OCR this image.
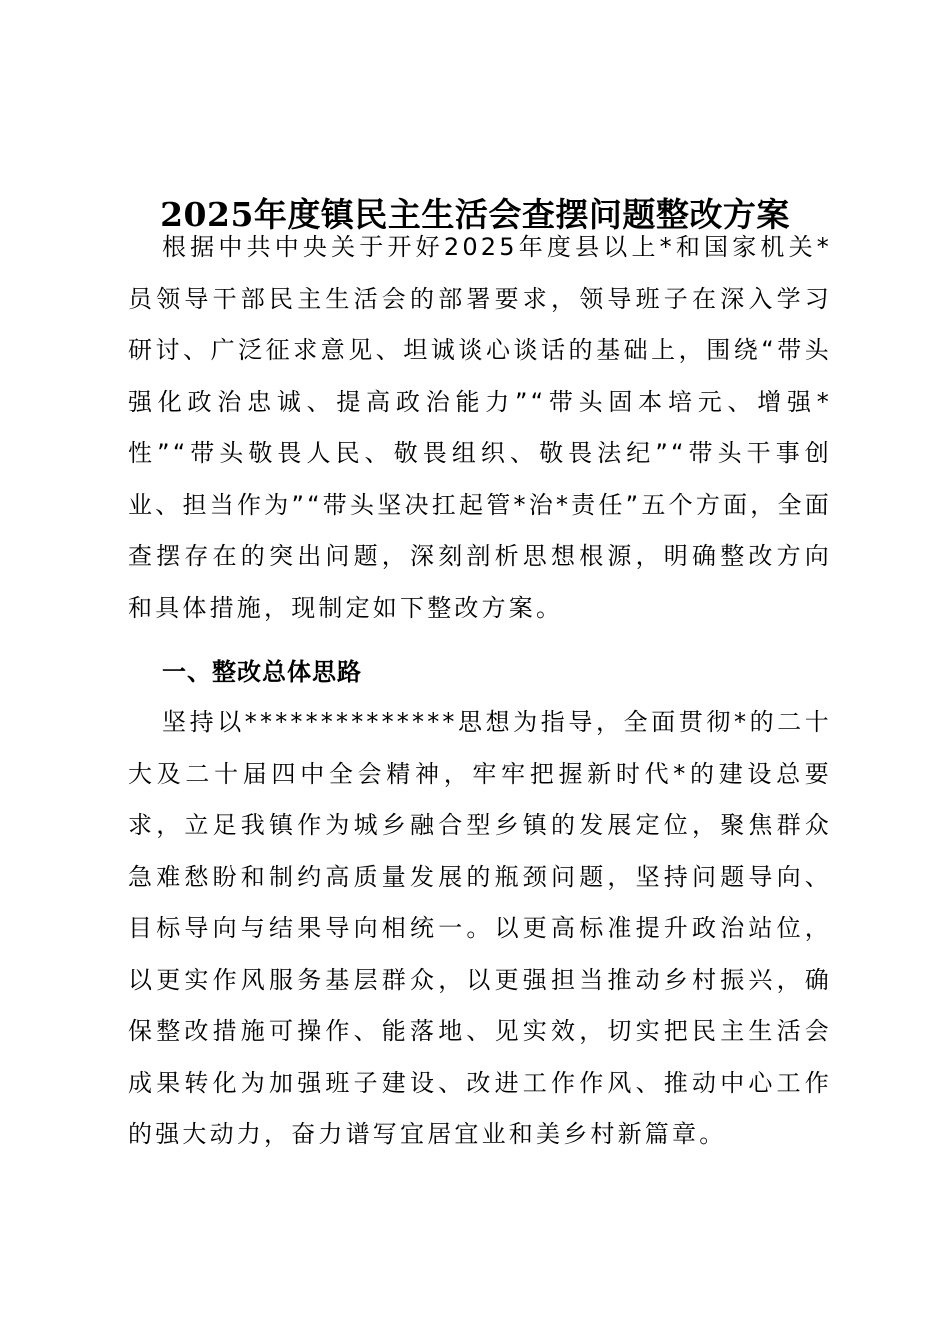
2025年度镇民主生活会查摆问题整改方案

根据中共中央关于开好2025年度县以上*和国家机关*员领导干部民主生活会的部署要求，领导班子在深入学习研讨、广泛征求意见、坦诚谈心谈话的基础上，围绕“带头强化政治忠诚、提高政治能力”“带头固本培元、增强*性”“带头敬畏人民、敬畏组织、敬畏法纪”“带头干事创业、担当作为”“带头坚决扛起管*治*责任”五个方面，全面查摆存在的突出问题，深刻剖析思想根源，明确整改方向和具体措施，现制定如下整改方案。

一、整改总体思路

坚持以**************思想为指导，全面贯彻*的二十大及二十届四中全会精神，牢牢把握新时代*的建设总要求，立足我镇作为城乡融合型乡镇的发展定位，聚焦群众急难愁盼和制约高质量发展的瓶颈问题，坚持问题导向、目标导向与结果导向相统一。以更高标准提升政治站位，以更实作风服务基层群众，以更强担当推动乡村振兴，确保整改措施可操作、能落地、见实效，切实把民主生活会成果转化为加强班子建设、改进工作作风、推动中心工作的强大动力，奋力谱写宜居宜业和美乡村新篇章。
